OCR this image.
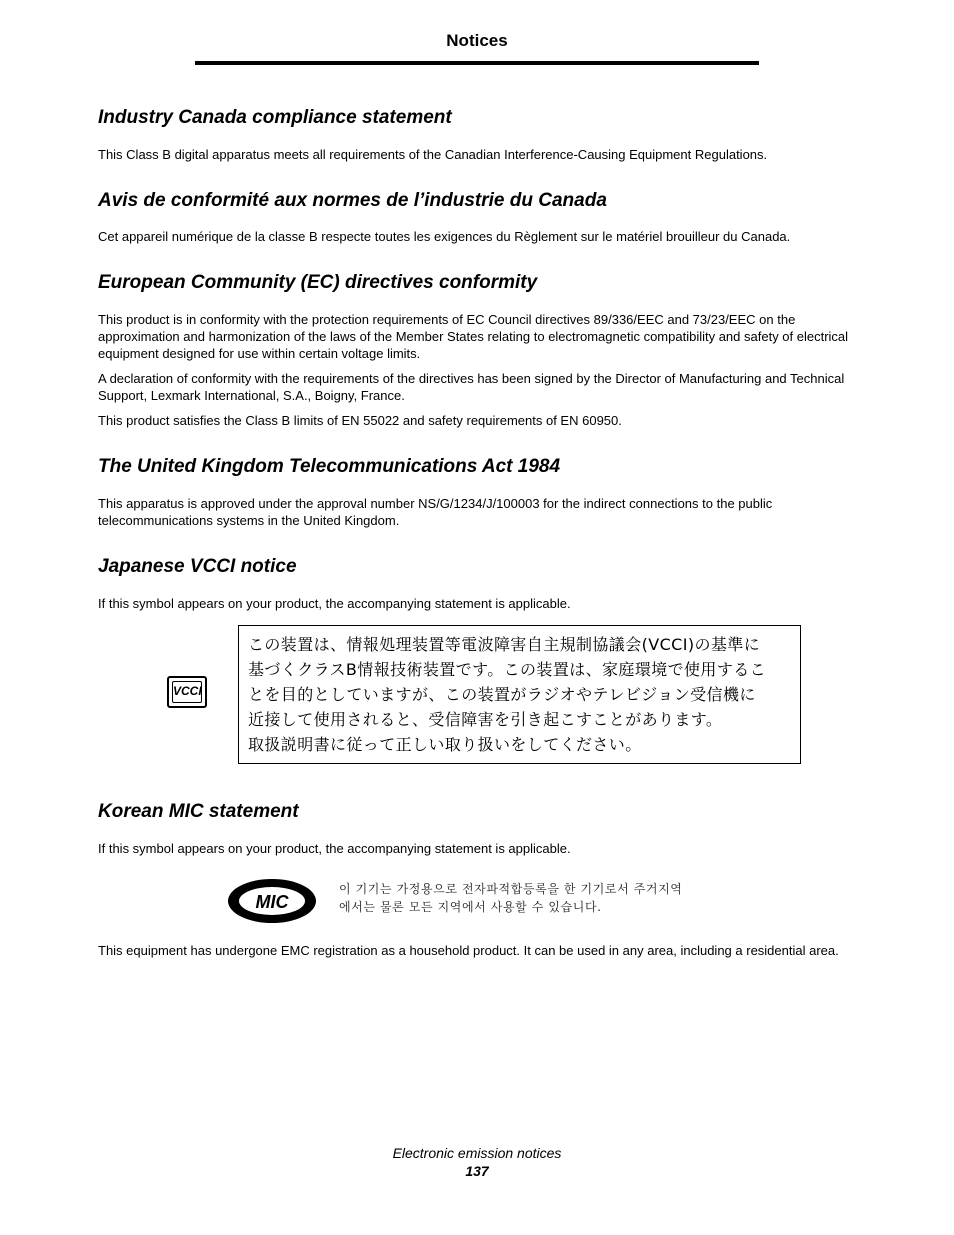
Notices
Industry Canada compliance statement

This Class B digital apparatus meets all requirements of the Canadian Interference-Causing Equipment Regulations.

Avis de conformité aux normes de l’industrie du Canada

Cet appareil numérique de la classe B respecte toutes les exigences du Règlement sur le matériel brouilleur du Canada.

European Community (EC) directives conformity

This product is in conformity with the protection requirements of EC Council directives 89/336/EEC and 73/23/EEC on the approximation and harmonization of the laws of the Member States relating to electromagnetic compatibility and safety of electrical equipment designed for use within certain voltage limits.

A declaration of conformity with the requirements of the directives has been signed by the Director of Manufacturing and Technical Support, Lexmark International, S.A., Boigny, France.

This product satisfies the Class B limits of EN 55022 and safety requirements of EN 60950.

The United Kingdom Telecommunications Act 1984

This apparatus is approved under the approval number NS/G/1234/J/100003 for the indirect connections to the public telecommunications systems in the United Kingdom.

Japanese VCCI notice

If this symbol appears on your product, the accompanying statement is applicable.

VCCI
この装置は、情報処理装置等電波障害自主規制協議会(VCCI)の基準に
基づくクラスB情報技術装置です。この装置は、家庭環境で使用するこ
とを目的としていますが、この装置がラジオやテレビジョン受信機に
近接して使用されると、受信障害を引き起こすことがあります。
取扱説明書に従って正しい取り扱いをしてください。
Korean MIC statement

If this symbol appears on your product, the accompanying statement is applicable.

MIC
이 기기는 가정용으로 전자파적합등록을 한 기기로서 주거지역
에서는 물론 모든 지역에서 사용할 수 있습니다.

This equipment has undergone EMC registration as a household product. It can be used in any area, including a residential area.

Electronic emission notices
137
